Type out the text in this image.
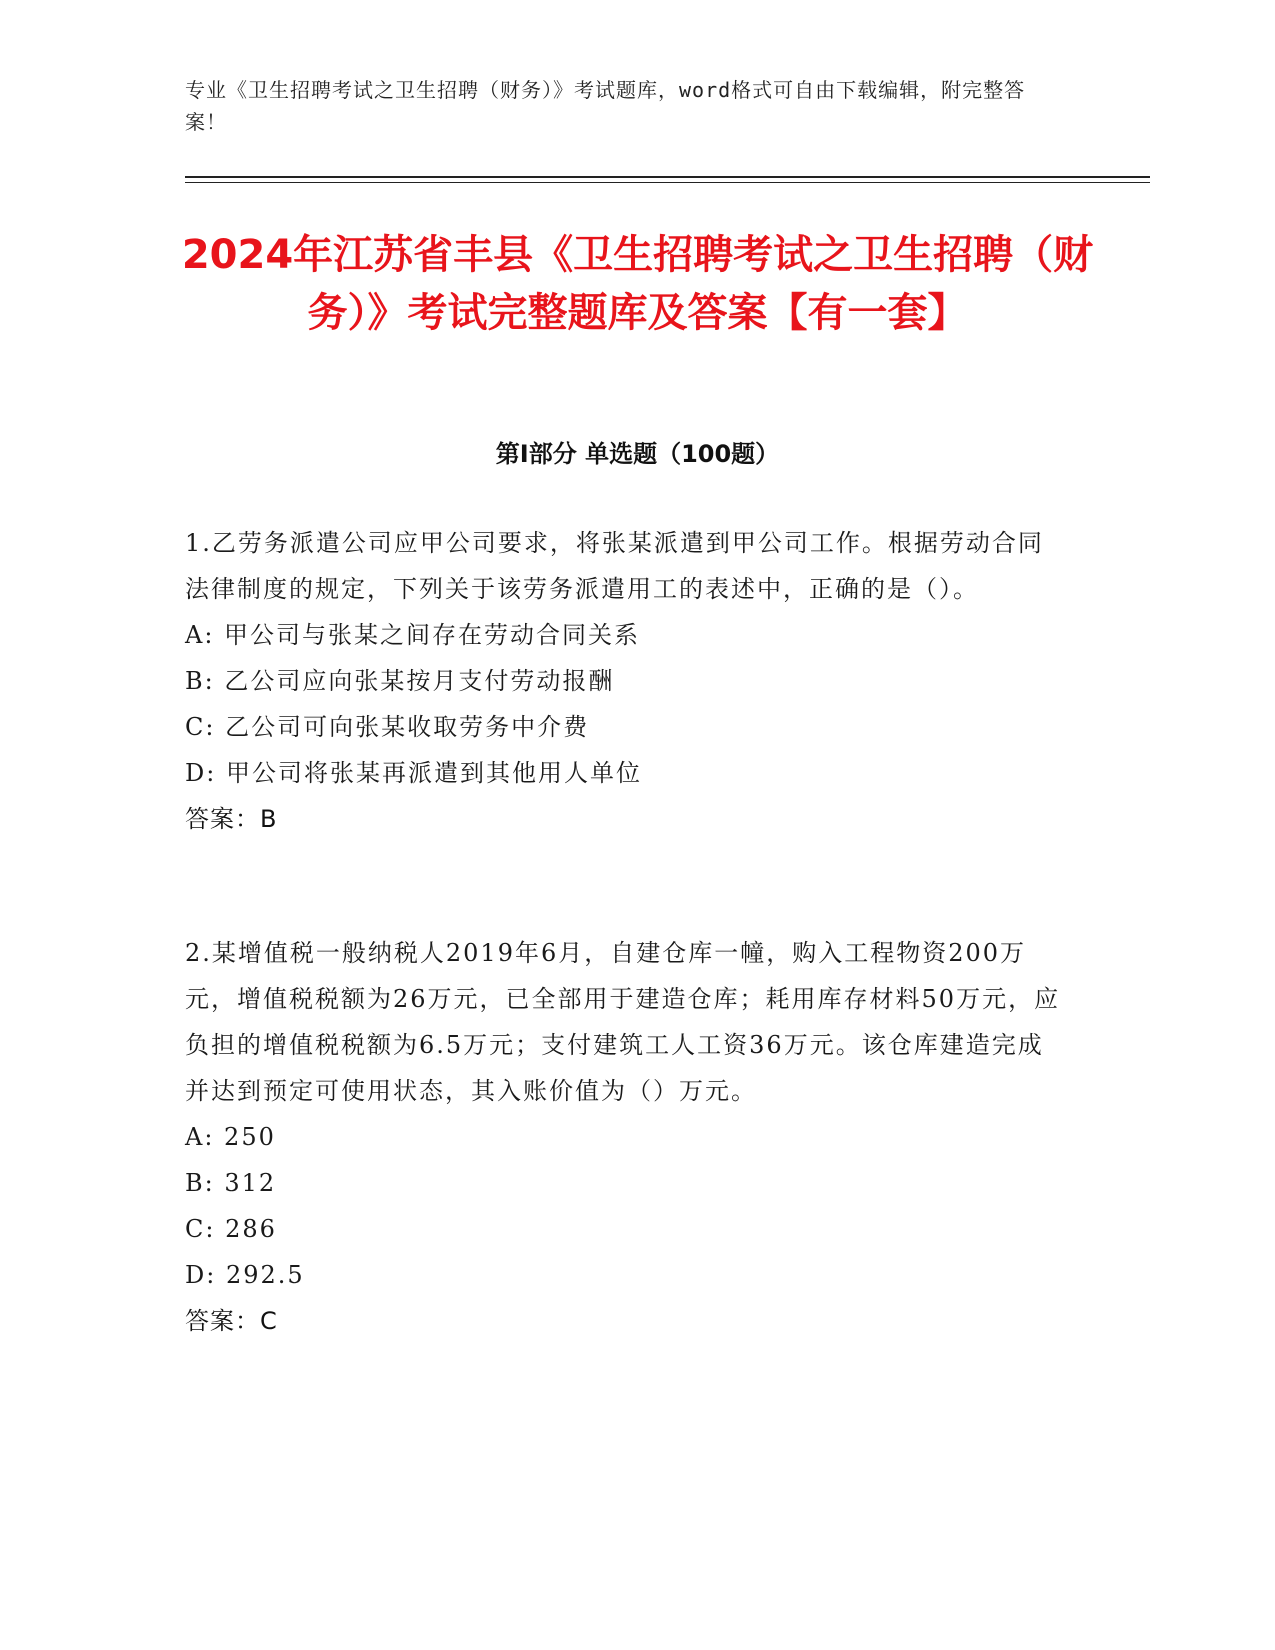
专业《卫生招聘考试之卫生招聘（财务）》考试题库，word格式可自由下载编辑，附完整答案！
2024年江苏省丰县《卫生招聘考试之卫生招聘（财务）》考试完整题库及答案【有一套】
第I部分 单选题（100题）

1.乙劳务派遣公司应甲公司要求，将张某派遣到甲公司工作。根据劳动合同法律制度的规定，下列关于该劳务派遣用工的表述中，正确的是（）。

A: 甲公司与张某之间存在劳动合同关系

B: 乙公司应向张某按月支付劳动报酬

C: 乙公司可向张某收取劳务中介费

D: 甲公司将张某再派遣到其他用人单位

答案：B

2.某增值税一般纳税人2019年6月，自建仓库一幢，购入工程物资200万元，增值税税额为26万元，已全部用于建造仓库；耗用库存材料50万元，应负担的增值税税额为6.5万元；支付建筑工人工资36万元。该仓库建造完成并达到预定可使用状态，其入账价值为（）万元。

A: 250

B: 312

C: 286

D: 292.5

答案：C
